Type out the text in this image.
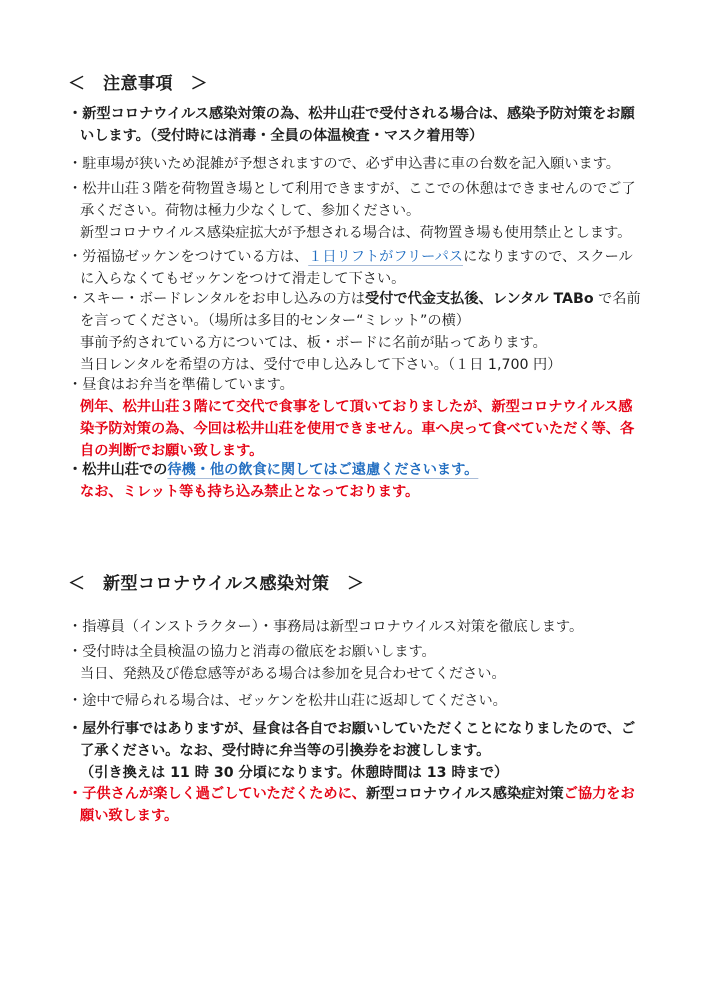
＜　注意事項　＞
・新型コロナウイルス感染対策の為、松井山荘で受付される場合は、感染予防対策をお願
いします。（受付時には消毒・全員の体温検査・マスク着用等）
・駐車場が狭いため混雑が予想されますので、必ず申込書に車の台数を記入願います。
・松井山荘３階を荷物置き場として利用できますが、ここでの休憩はできませんのでご了
承ください。荷物は極力少なくして、参加ください。
新型コロナウイルス感染症拡大が予想される場合は、荷物置き場も使用禁止とします。
・労福協ゼッケンをつけている方は、１日リフトがフリーパスになりますので、スクール
に入らなくてもゼッケンをつけて滑走して下さい。
・スキー・ボードレンタルをお申し込みの方は受付で代金支払後、レンタル TABo で名前
を言ってください。（場所は多目的センター“ミレット”の横）
事前予約されている方については、板・ボードに名前が貼ってあります。
当日レンタルを希望の方は、受付で申し込みして下さい。（１日 1,700 円）
・昼食はお弁当を準備しています。
例年、松井山荘３階にて交代で食事をして頂いておりましたが、新型コロナウイルス感
染予防対策の為、今回は松井山荘を使用できません。車へ戻って食べていただく等、各
自の判断でお願い致します。
・松井山荘での待機・他の飲食に関してはご遠慮くださいます。
なお、ミレット等も持ち込み禁止となっております。
＜　新型コロナウイルス感染対策　＞
・指導員（インストラクター）・事務局は新型コロナウイルス対策を徹底します。
・受付時は全員検温の協力と消毒の徹底をお願いします。
当日、発熱及び倦怠感等がある場合は参加を見合わせてください。
・途中で帰られる場合は、ゼッケンを松井山荘に返却してください。
・屋外行事ではありますが、昼食は各自でお願いしていただくことになりましたので、ご
了承ください。なお、受付時に弁当等の引換券をお渡しします。
（引き換えは 11 時 30 分頃になります。休憩時間は 13 時まで）
・子供さんが楽しく過ごしていただくために、新型コロナウイルス感染症対策ご協力をお
願い致します。
